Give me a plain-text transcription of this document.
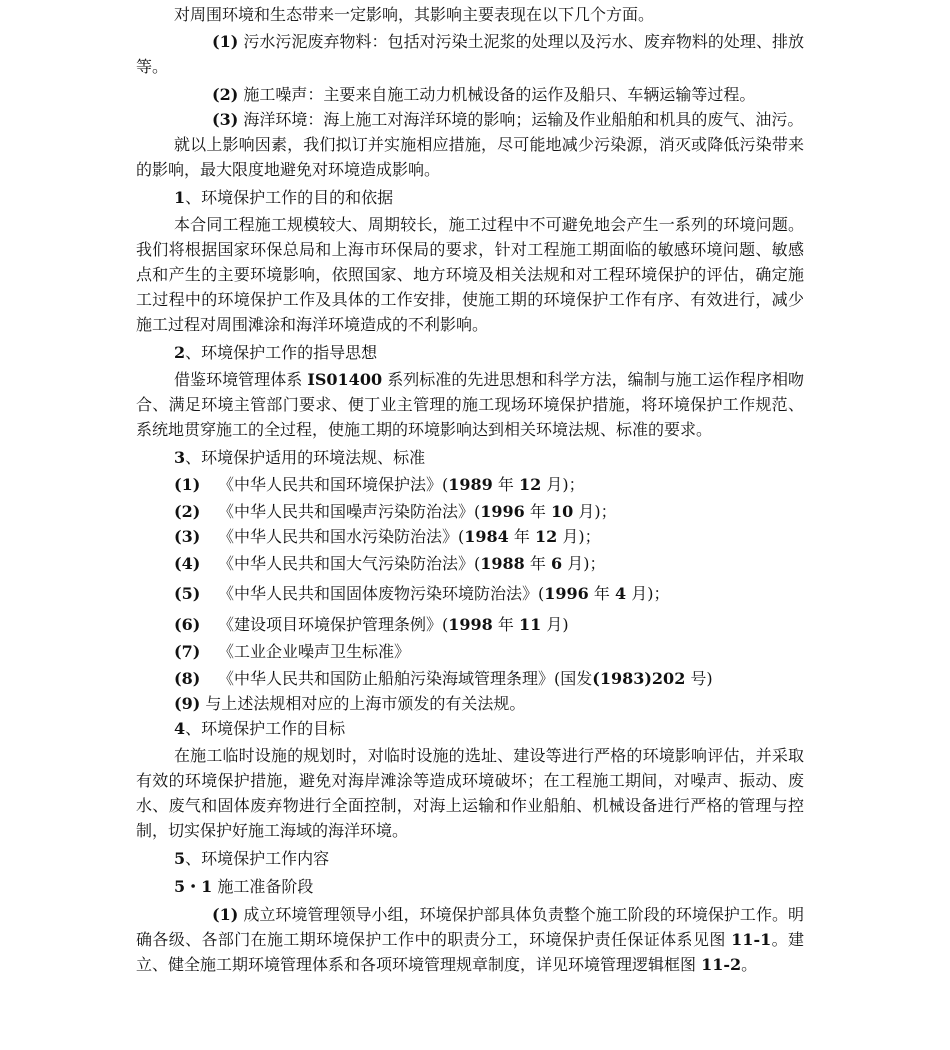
对周围环境和生态带来一定影响，其影响主要表现在以下几个方面。

(1) 污水污泥废弃物料：包括对污染土泥浆的处理以及污水、废弃物料的处理、排放等。

(2) 施工噪声：主要来自施工动力机械设备的运作及船只、车辆运输等过程。

(3) 海洋环境：海上施工对海洋环境的影响；运输及作业船舶和机具的废气、油污。

就以上影响因素，我们拟订并实施相应措施，尽可能地减少污染源，消灭或降低污染带来的影响，最大限度地避免对环境造成影响。

1、环境保护工作的目的和依据

本合同工程施工规模较大、周期较长，施工过程中不可避免地会产生一系列的环境问题。我们将根据国家环保总局和上海市环保局的要求，针对工程施工期面临的敏感环境问题、敏感点和产生的主要环境影响，依照国家、地方环境及相关法规和对工程环境保护的评估，确定施工过程中的环境保护工作及具体的工作安排，使施工期的环境保护工作有序、有效进行，减少施工过程对周围滩涂和海洋环境造成的不利影响。

2、环境保护工作的指导思想

借鉴环境管理体系 IS01400 系列标准的先进思想和科学方法，编制与施工运作程序相吻合、满足环境主管部门要求、便丁业主管理的施工现场环境保护措施，将环境保护工作规范、系统地贯穿施工的全过程，使施工期的环境影响达到相关环境法规、标准的要求。

3、环境保护适用的环境法规、标准

(1) 《中华人民共和国环境保护法》(1989 年 12 月)；

(2) 《中华人民共和国噪声污染防治法》(1996 年 10 月)；

(3) 《中华人民共和国水污染防治法》(1984 年 12 月)；

(4) 《中华人民共和国大气污染防治法》(1988 年 6 月)；

(5) 《中华人民共和国固体废物污染环境防治法》(1996 年 4 月)；

(6) 《建设项目环境保护管理条例》(1998 年 11 月)

(7) 《工业企业噪声卫生标准》

(8) 《中华人民共和国防止船舶污染海域管理条理》(国发(1983)202 号)

(9) 与上述法规相对应的上海市颁发的有关法规。

4、环境保护工作的目标

在施工临时设施的规划时，对临时设施的选址、建设等进行严格的环境影响评估，并采取有效的环境保护措施，避免对海岸滩涂等造成环境破坏；在工程施工期间，对噪声、振动、废水、废气和固体废弃物进行全面控制，对海上运输和作业船舶、机械设备进行严格的管理与控制，切实保护好施工海域的海洋环境。

5、环境保护工作内容

5・1 施工准备阶段

(1) 成立环境管理领导小组，环境保护部具体负责整个施工阶段的环境保护工作。明确各级、各部门在施工期环境保护工作中的职责分工，环境保护责任保证体系见图 11-1。建立、健全施工期环境管理体系和各项环境管理规章制度，详见环境管理逻辑框图 11-2。
